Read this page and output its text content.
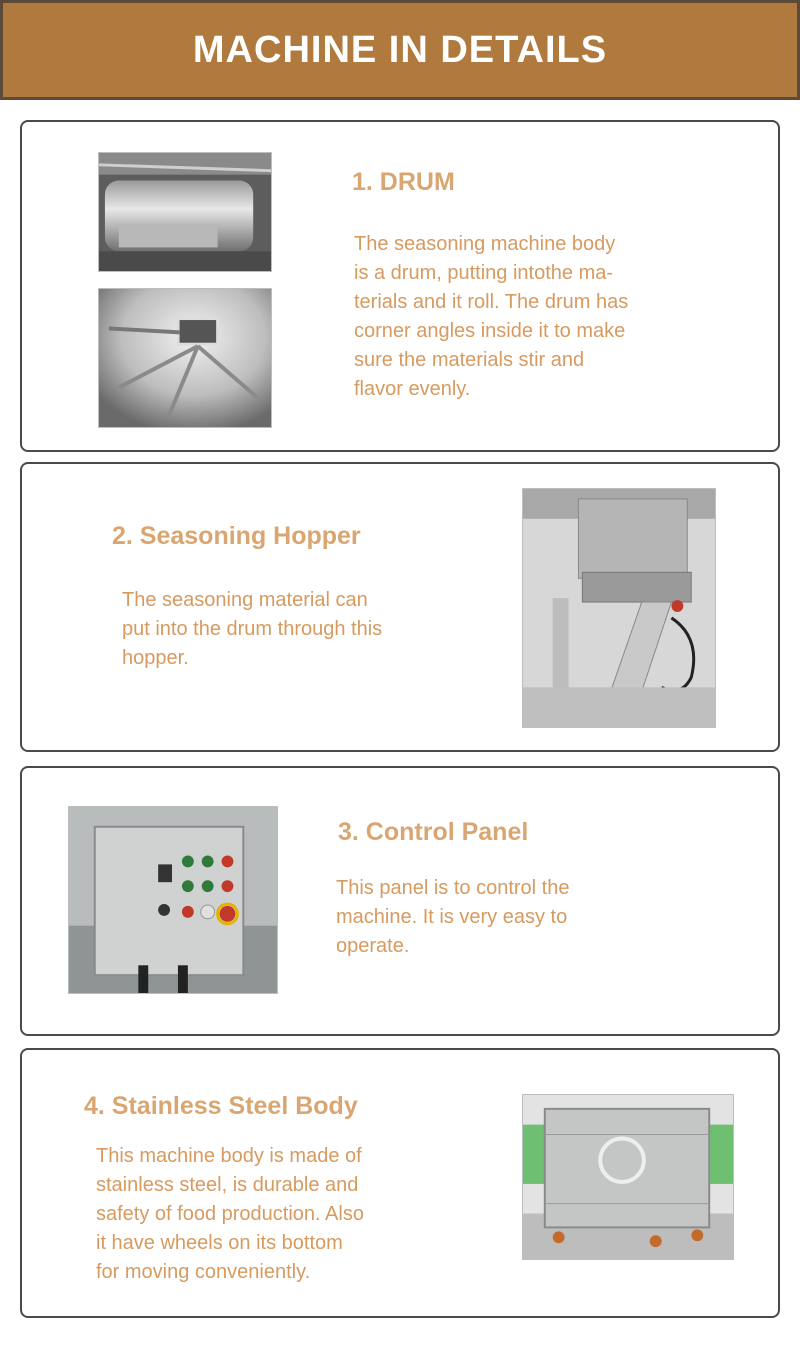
MACHINE IN DETAILS
1. DRUM
The seasoning machine body
is a drum, putting intothe ma-
terials and it roll. The drum has
corner angles inside it to make
sure the materials stir and
flavor evenly.
2. Seasoning Hopper
The seasoning material can
put into the drum through this
hopper.
3. Control Panel
This panel is to control the
machine. It is very easy to
operate.
4. Stainless Steel Body
This machine body is made of
stainless steel, is durable and
safety of food production. Also
it have wheels on its bottom
for moving conveniently.
